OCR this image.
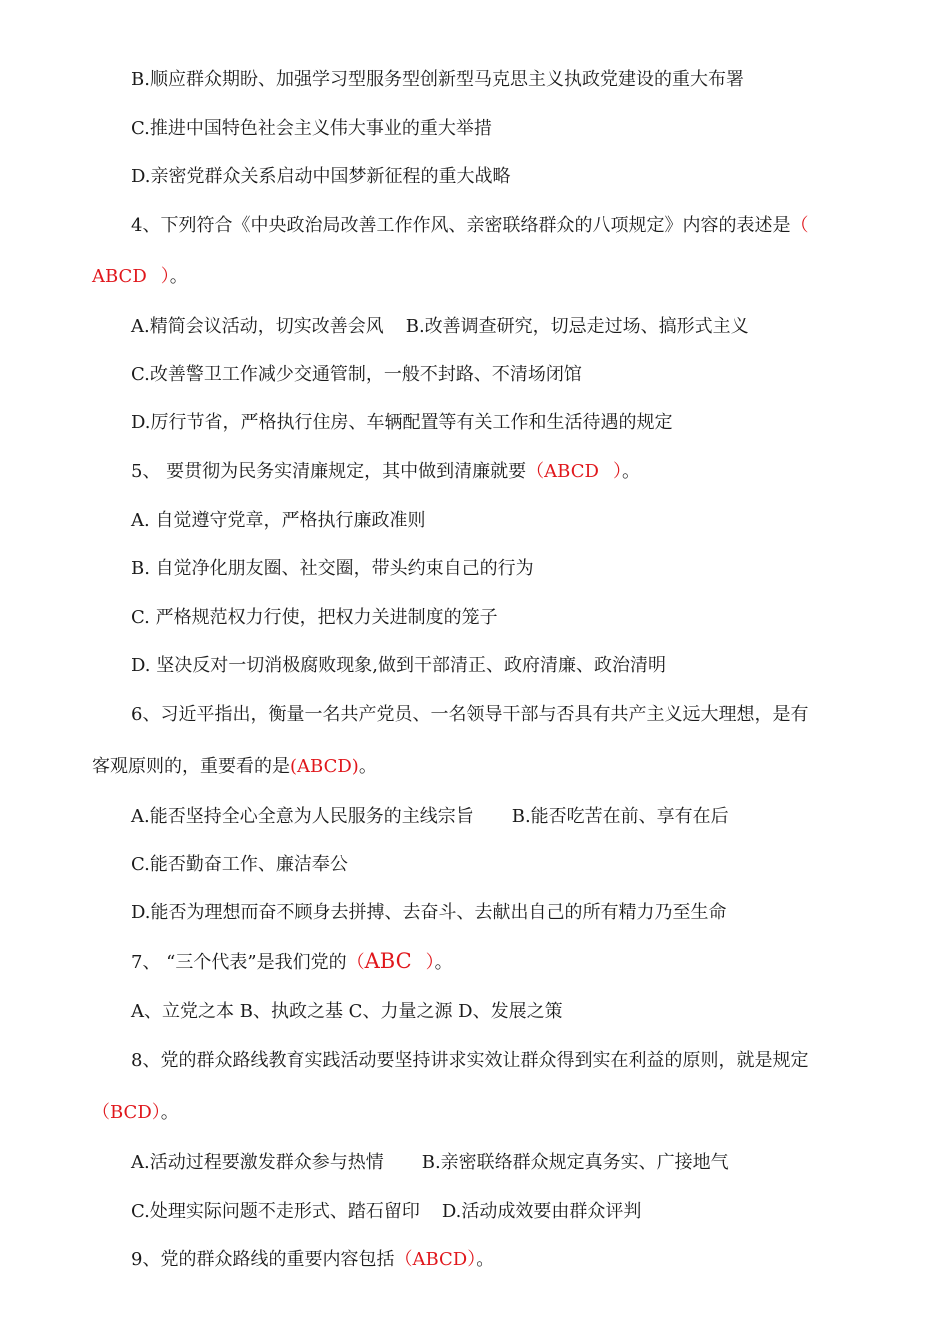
B.顺应群众期盼、加强学习型服务型创新型马克思主义执政党建设的重大布署
C.推进中国特色社会主义伟大事业的重大举措
D.亲密党群众关系启动中国梦新征程的重大战略
4、下列符合《中央政治局改善工作作风、亲密联络群众的八项规定》内容的表述是（
ABCD ）。
A.精简会议活动，切实改善会风 B.改善调查研究，切忌走过场、搞形式主义
C.改善警卫工作减少交通管制，一般不封路、不清场闭馆
D.厉行节省，严格执行住房、车辆配置等有关工作和生活待遇的规定
5、 要贯彻为民务实清廉规定，其中做到清廉就要（ABCD ）。
A. 自觉遵守党章，严格执行廉政准则
B. 自觉净化朋友圈、社交圈，带头约束自己的行为
C. 严格规范权力行使，把权力关进制度的笼子
D. 坚决反对一切消极腐败现象,做到干部清正、政府清廉、政治清明
6、习近平指出，衡量一名共产党员、一名领导干部与否具有共产主义远大理想，是有
客观原则的，重要看的是(ABCD)。
A.能否坚持全心全意为人民服务的主线宗旨 B.能否吃苦在前、享有在后
C.能否勤奋工作、廉洁奉公
D.能否为理想而奋不顾身去拼搏、去奋斗、去献出自己的所有精力乃至生命
7、 “三个代表”是我们党的（ABC ）。
A、立党之本 B、执政之基 C、力量之源 D、发展之策
8、党的群众路线教育实践活动要坚持讲求实效让群众得到实在利益的原则，就是规定
（BCD）。
A.活动过程要激发群众参与热情 B.亲密联络群众规定真务实、广接地气
C.处理实际问题不走形式、踏石留印 D.活动成效要由群众评判
9、党的群众路线的重要内容包括（ABCD）。
